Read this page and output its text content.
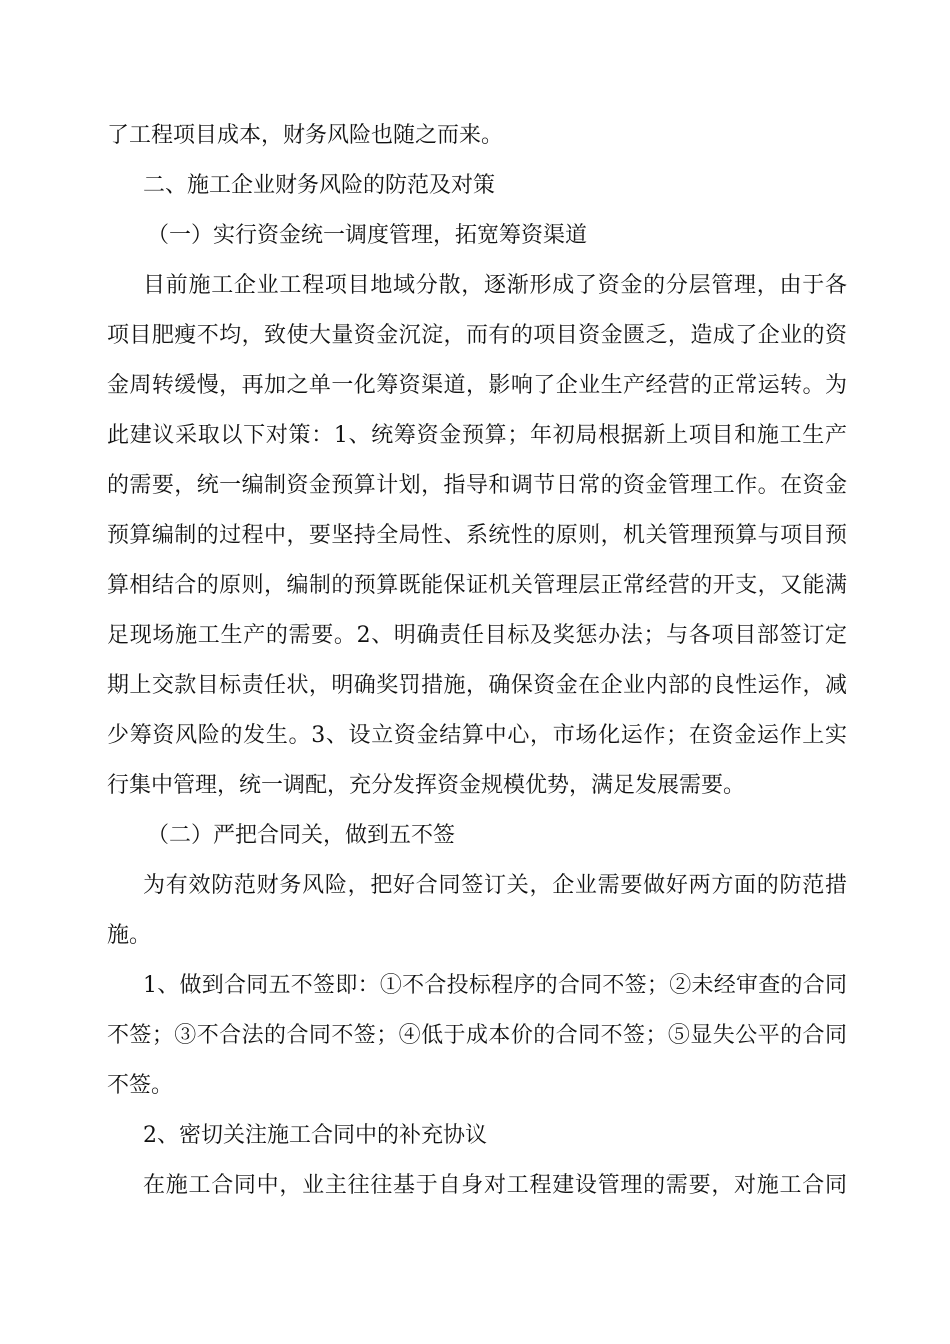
了工程项目成本，财务风险也随之而来。
二、施工企业财务风险的防范及对策
（一）实行资金统一调度管理，拓宽筹资渠道
目前施工企业工程项目地域分散，逐渐形成了资金的分层管理，由于各
项目肥瘦不均，致使大量资金沉淀，而有的项目资金匮乏，造成了企业的资
金周转缓慢，再加之单一化筹资渠道，影响了企业生产经营的正常运转。为
此建议采取以下对策：1、统筹资金预算；年初局根据新上项目和施工生产
的需要，统一编制资金预算计划，指导和调节日常的资金管理工作。在资金
预算编制的过程中，要坚持全局性、系统性的原则，机关管理预算与项目预
算相结合的原则，编制的预算既能保证机关管理层正常经营的开支，又能满
足现场施工生产的需要。2、明确责任目标及奖惩办法；与各项目部签订定
期上交款目标责任状，明确奖罚措施，确保资金在企业内部的良性运作，减
少筹资风险的发生。3、设立资金结算中心，市场化运作；在资金运作上实
行集中管理，统一调配，充分发挥资金规模优势，满足发展需要。
（二）严把合同关，做到五不签
为有效防范财务风险，把好合同签订关，企业需要做好两方面的防范措
施。
1、做到合同五不签即：①不合投标程序的合同不签；②未经审查的合同
不签；③不合法的合同不签；④低于成本价的合同不签；⑤显失公平的合同
不签。
2、密切关注施工合同中的补充协议
在施工合同中，业主往往基于自身对工程建设管理的需要，对施工合同
